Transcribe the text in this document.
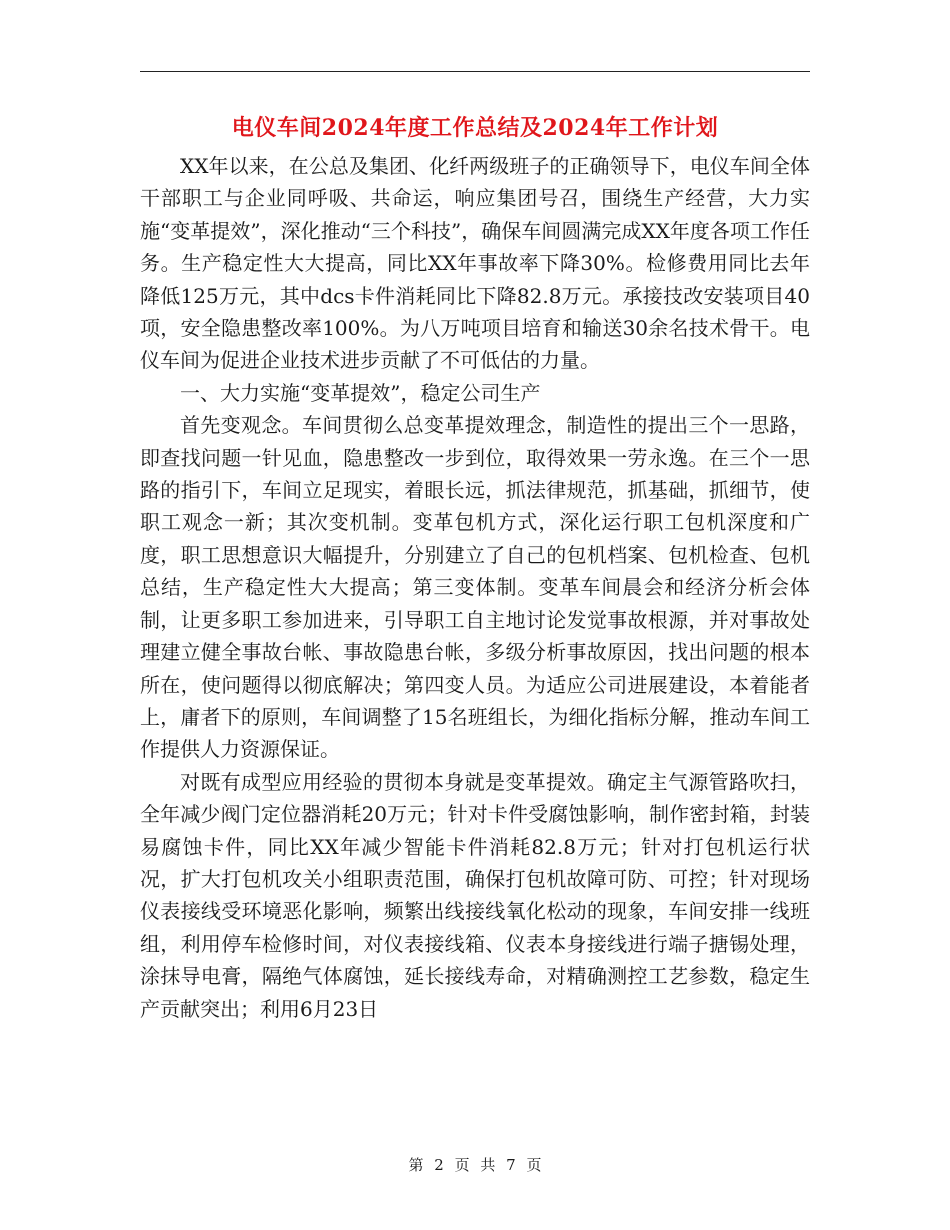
电仪车间2024年度工作总结及2024年工作计划

XX年以来，在公总及集团、化纤两级班子的正确领导下，电仪车间全体干部职工与企业同呼吸、共命运，响应集团号召，围绕生产经营，大力实施“变革提效”，深化推动“三个科技”，确保车间圆满完成XX年度各项工作任务。生产稳定性大大提高，同比XX年事故率下降30%。检修费用同比去年降低125万元，其中dcs卡件消耗同比下降82.8万元。承接技改安装项目40项，安全隐患整改率100%。为八万吨项目培育和输送30余名技术骨干。电仪车间为促进企业技术进步贡献了不可低估的力量。

一、大力实施“变革提效”，稳定公司生产

首先变观念。车间贯彻么总变革提效理念，制造性的提出三个一思路，即查找问题一针见血，隐患整改一步到位，取得效果一劳永逸。在三个一思路的指引下，车间立足现实，着眼长远，抓法律规范，抓基础，抓细节，使职工观念一新；其次变机制。变革包机方式，深化运行职工包机深度和广度，职工思想意识大幅提升，分别建立了自己的包机档案、包机检查、包机总结，生产稳定性大大提高；第三变体制。变革车间晨会和经济分析会体制，让更多职工参加进来，引导职工自主地讨论发觉事故根源，并对事故处理建立健全事故台帐、事故隐患台帐，多级分析事故原因，找出问题的根本所在，使问题得以彻底解决；第四变人员。为适应公司进展建设，本着能者上，庸者下的原则，车间调整了15名班组长，为细化指标分解，推动车间工作提供人力资源保证。

对既有成型应用经验的贯彻本身就是变革提效。确定主气源管路吹扫，全年减少阀门定位器消耗20万元；针对卡件受腐蚀影响，制作密封箱，封装易腐蚀卡件，同比XX年减少智能卡件消耗82.8万元；针对打包机运行状况，扩大打包机攻关小组职责范围，确保打包机故障可防、可控；针对现场仪表接线受环境恶化影响，频繁出线接线氧化松动的现象，车间安排一线班组，利用停车检修时间，对仪表接线箱、仪表本身接线进行端子搪锡处理，涂抹导电膏，隔绝气体腐蚀，延长接线寿命，对精确测控工艺参数，稳定生产贡献突出；利用6月23日

第 2 页 共 7 页
